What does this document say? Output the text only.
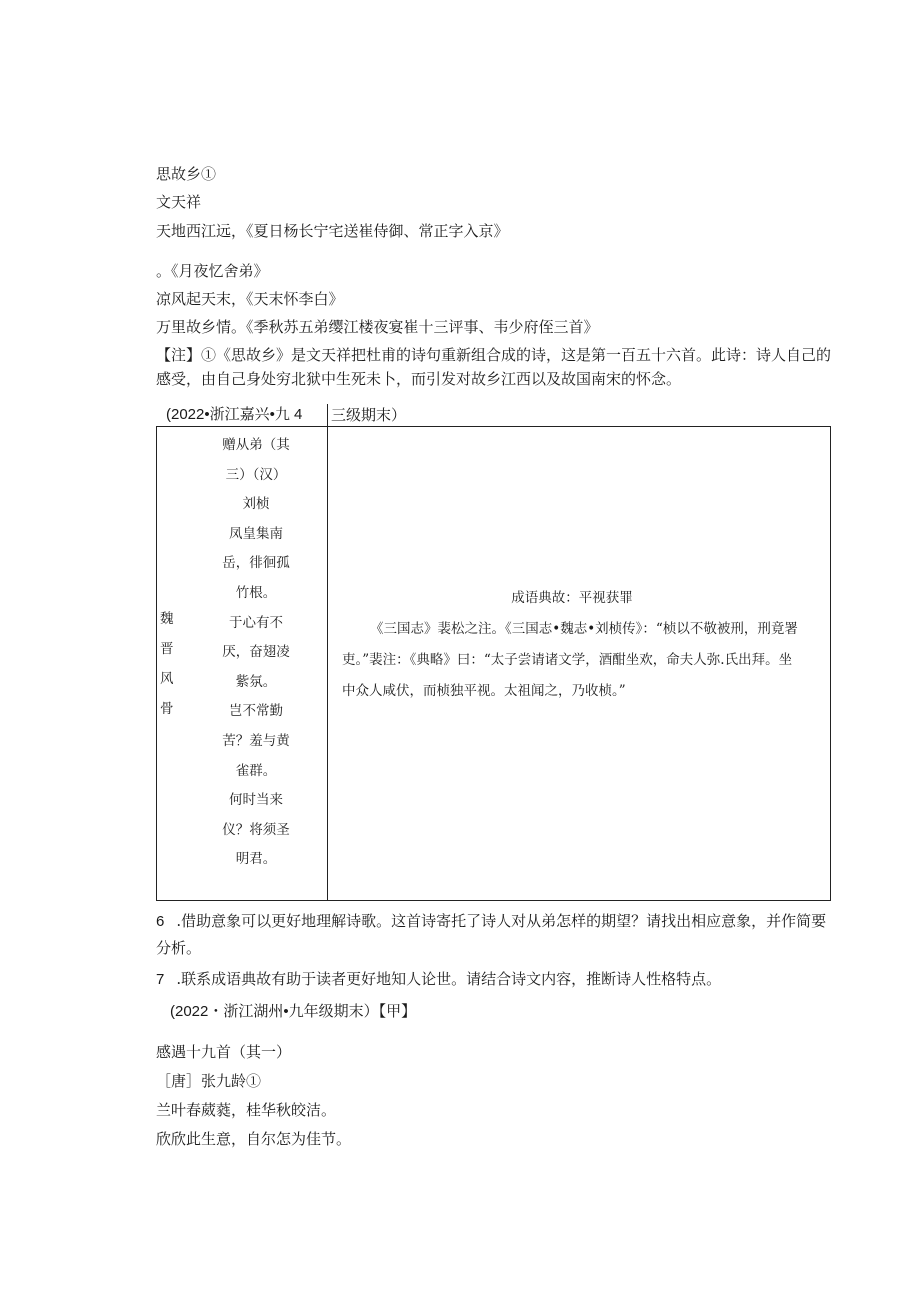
思故乡①
文天祥
天地西江远，《夏日杨长宁宅送崔侍御、常正字入京》
。《月夜忆舍弟》
凉风起天末，《天末怀李白》
万里故乡情。《季秋苏五弟缨江楼夜宴崔十三评事、韦少府侄三首》
【注】①《思故乡》是文天祥把杜甫的诗句重新组合成的诗，这是第一百五十六首。此诗：诗人自己的感受，由自己身处穷北狱中生死未卜，而引发对故乡江西以及故国南宋的怀念。
(2022•浙江嘉兴•九 4 三级期末）
魏
晋
风
骨
赠从弟（其
三）（汉）
刘桢
凤皇集南
岳，徘徊孤
竹根。
于心有不
厌，奋翅凌
紫氛。
岂不常勤
苦？羞与黄
雀群。
何时当来
仪？将须圣
明君。
成语典故：平视获罪
《三国志》裴松之注。《三国志•魏志•刘桢传》：“桢以不敬被刑，刑竟署吏。”裴注：《典略》曰：“太子尝请诸文学，酒酣坐欢，命夫人弥.氏出拜。坐中众人咸伏，而桢独平视。太祖闻之，乃收桢。”
6 .借助意象可以更好地理解诗歌。这首诗寄托了诗人对从弟怎样的期望？请找出相应意象，并作简要分析。
7 .联系成语典故有助于读者更好地知人论世。请结合诗文内容，推断诗人性格特点。
(2022・浙江湖州•九年级期末）【甲】
感遇十九首（其一）
［唐］张九龄①
兰叶春葳蕤，桂华秋皎洁。
欣欣此生意，自尔怎为佳节。
